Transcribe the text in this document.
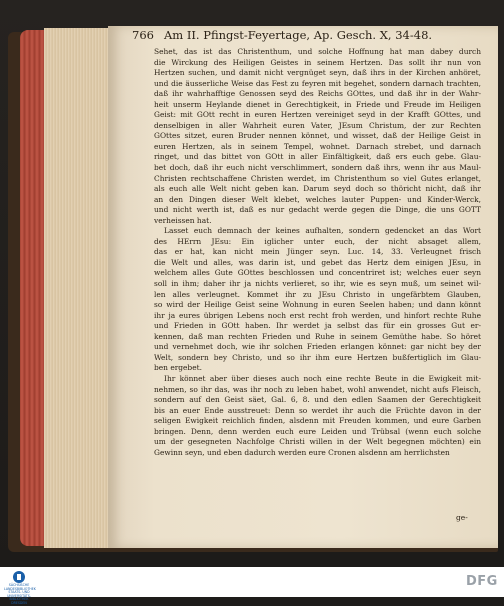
766 Am II. Pfingst-Feyertage, Ap. Gesch. X, 34-48.
Sehet, das ist das Christenthum, und solche Hoffnung hat man dabey durch
die Wirckung des Heiligen Geistes in seinem Hertzen. Das sollt ihr nun von
Hertzen suchen, und damit nicht vergnüget seyn, daß ihrs in der Kirchen anhöret,
und die äusserliche Weise das Fest zu feyren mit begehet, sondern darnach trachten,
daß ihr wahrhafftige Genossen seyd des Reichs GOttes, und daß ihr in der Wahr-
heit unserm Heylande dienet in Gerechtigkeit, in Friede und Freude im Heiligen
Geist: mit GOtt recht in euren Hertzen vereiniget seyd in der Krafft GOttes, und
denselbigen in aller Wahrheit euren Vater, JEsum Christum, der zur Rechten
GOttes sitzet, euren Bruder nennen könnet, und wisset, daß der Heilige Geist in
euren Hertzen, als in seinem Tempel, wohnet. Darnach strebet, und darnach
ringet, und das bittet von GOtt in aller Einfältigkeit, daß ers euch gebe. Glau-
bet doch, daß ihr euch nicht verschlimmert, sondern daß ihrs, wenn ihr aus Maul-
Christen rechtschaffene Christen werdet, im Christenthum so viel Gutes erlanget,
als euch alle Welt nicht geben kan. Darum seyd doch so thöricht nicht, daß ihr
an den Dingen dieser Welt klebet, welches lauter Puppen- und Kinder-Werck,
und nicht werth ist, daß es nur gedacht werde gegen die Dinge, die uns GOTT
verheissen hat.
Lasset euch demnach der keines aufhalten, sondern gedencket an das Wort
des HErrn JEsu: Ein iglicher unter euch, der nicht absaget allem,
das er hat, kan nicht mein Jünger seyn. Luc. 14, 33. Verleugnet frisch
die Welt und alles, was darin ist, und gebet das Hertz dem einigen JEsu, in
welchem alles Gute GOttes beschlossen und concentriret ist; welches euer seyn
soll in ihm; daher ihr ja nichts verlieret, so ihr, wie es seyn muß, um seinet wil-
len alles verleugnet. Kommet ihr zu JEsu Christo in ungefärbtem Glauben,
so wird der Heilige Geist seine Wohnung in euren Seelen haben; und dann könnt
ihr ja eures übrigen Lebens noch erst recht froh werden, und hinfort rechte Ruhe
und Frieden in GOtt haben. Ihr werdet ja selbst das für ein grosses Gut er-
kennen, daß man rechten Frieden und Ruhe in seinem Gemüthe habe. So höret
und vernehmet doch, wie ihr solchen Frieden erlangen könnet: gar nicht bey der
Welt, sondern bey Christo, und so ihr ihm eure Hertzen bußfertiglich im Glau-
ben ergebet.
Ihr könnet aber über dieses auch noch eine rechte Beute in die Ewigkeit mit-
nehmen, so ihr das, was ihr noch zu leben habet, wohl anwendet, nicht aufs Fleisch,
sondern auf den Geist säet, Gal. 6, 8. und den edlen Saamen der Gerechtigkeit
bis an euer Ende ausstreuet: Denn so werdet ihr auch die Früchte davon in der
seligen Ewigkeit reichlich finden, alsdenn mit Freuden kommen, und eure Garben
bringen. Denn, denn werden euch eure Leiden und Trübsal (wenn euch solche
um der gesegneten Nachfolge Christi willen in der Welt begegnen möchten) ein
Gewinn seyn, und eben dadurch werden eure Cronen alsdenn am herrlichsten
ge-
SÄCHSISCHE LANDESBIBLIOTHEK STAATS- UND UNIVERSITÄTS-BIBLIOTHEK DRESDEN
DFG
